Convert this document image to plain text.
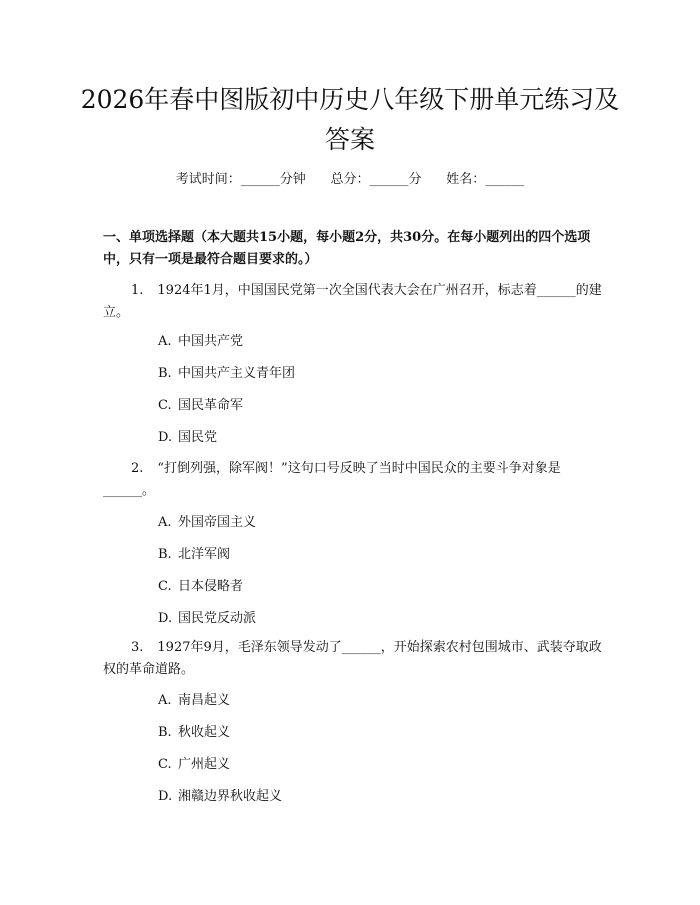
2026年春中图版初中历史八年级下册单元练习及答案
考试时间：______分钟      总分：______分      姓名：______
一、单项选择题（本大题共15小题，每小题2分，共30分。在每小题列出的四个选项中，只有一项是最符合题目要求的。）
1. 1924年1月，中国国民党第一次全国代表大会在广州召开，标志着______的建立。
A. 中国共产党
B. 中国共产主义青年团
C. 国民革命军
D. 国民党
2. “打倒列强，除军阀！”这句口号反映了当时中国民众的主要斗争对象是______。
A. 外国帝国主义
B. 北洋军阀
C. 日本侵略者
D. 国民党反动派
3. 1927年9月，毛泽东领导发动了______，开始探索农村包围城市、武装夺取政权的革命道路。
A. 南昌起义
B. 秋收起义
C. 广州起义
D. 湘赣边界秋收起义
